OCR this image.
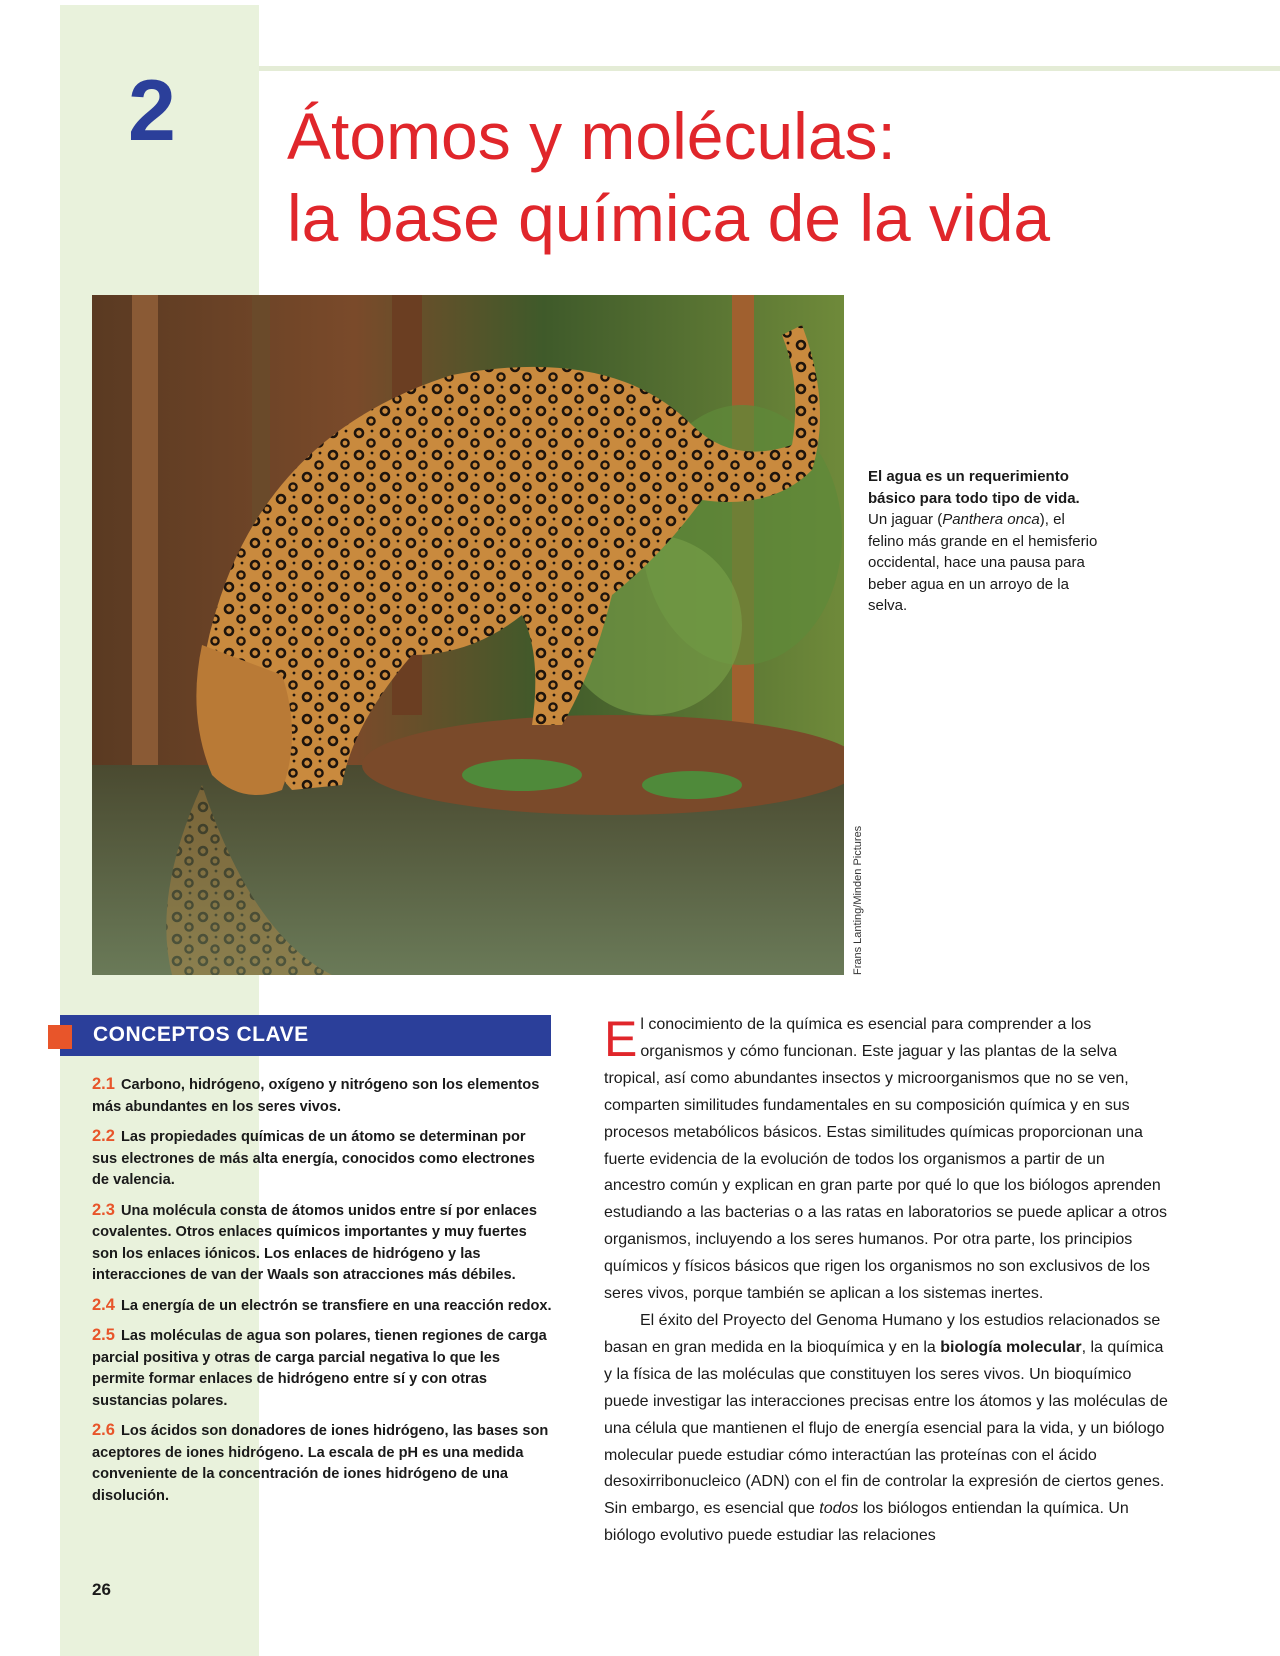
2 Átomos y moléculas:
la base química de la vida
Frans Lanting/Minden Pictures
El agua es un requerimiento básico para todo tipo de vida. Un jaguar (Panthera onca), el felino más grande en el hemisferio occidental, hace una pausa para beber agua en un arroyo de la selva.
CONCEPTOS CLAVE
2.1 Carbono, hidrógeno, oxígeno y nitrógeno son los elementos más abundantes en los seres vivos.
2.2 Las propiedades químicas de un átomo se determinan por sus electrones de más alta energía, conocidos como electrones de valencia.
2.3 Una molécula consta de átomos unidos entre sí por enlaces covalentes. Otros enlaces químicos importantes y muy fuertes son los enlaces iónicos. Los enlaces de hidrógeno y las interacciones de van der Waals son atracciones más débiles.
2.4 La energía de un electrón se transfiere en una reacción redox.
2.5 Las moléculas de agua son polares, tienen regiones de carga parcial positiva y otras de carga parcial negativa lo que les permite formar enlaces de hidrógeno entre sí y con otras sustancias polares.
2.6 Los ácidos son donadores de iones hidrógeno, las bases son aceptores de iones hidrógeno. La escala de pH es una medida conveniente de la concentración de iones hidrógeno de una disolución.
26

El conocimiento de la química es esencial para comprender a los organismos y cómo funcionan. Este jaguar y las plantas de la selva tropical, así como abundantes insectos y microorganismos que no se ven, comparten similitudes fundamentales en su composición química y en sus procesos metabólicos básicos. Estas similitudes químicas proporcionan una fuerte evidencia de la evolución de todos los organismos a partir de un ancestro común y explican en gran parte por qué lo que los biólogos aprenden estudiando a las bacterias o a las ratas en laboratorios se puede aplicar a otros organismos, incluyendo a los seres humanos. Por otra parte, los principios químicos y físicos básicos que rigen los organismos no son exclusivos de los seres vivos, porque también se aplican a los sistemas inertes.

El éxito del Proyecto del Genoma Humano y los estudios relacionados se basan en gran medida en la bioquímica y en la biología molecular, la química y la física de las moléculas que constituyen los seres vivos. Un bioquímico puede investigar las interacciones precisas entre los átomos y las moléculas de una célula que mantienen el flujo de energía esencial para la vida, y un biólogo molecular puede estudiar cómo interactúan las proteínas con el ácido desoxirribonucleico (ADN) con el fin de controlar la expresión de ciertos genes. Sin embargo, es esencial que todos los biólogos entiendan la química. Un biólogo evolutivo puede estudiar las relaciones
